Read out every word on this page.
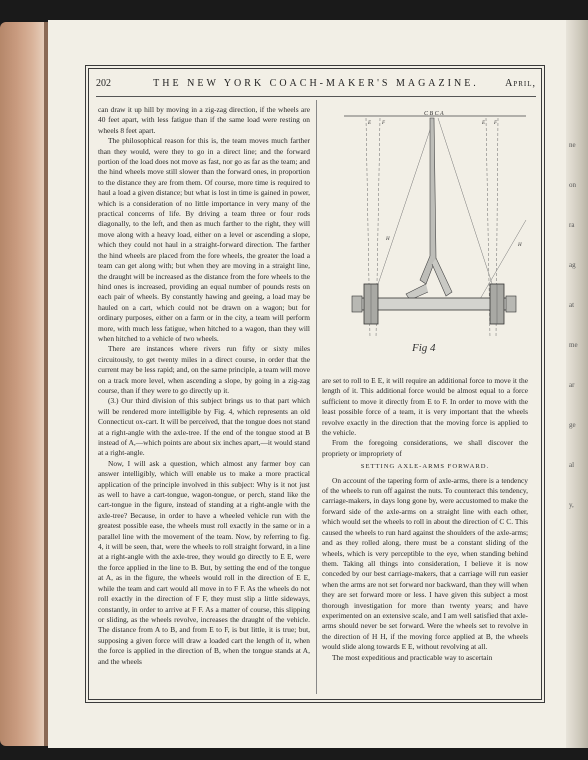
ne
on
ra
ag
at
me
ar
ge
al
y,
202	THE NEW YORK COACH-MAKER'S MAGAZINE.	April,

can draw it up hill by moving in a zig-zag direction, if the wheels are 40 feet apart, with less fatigue than if the same load were resting on wheels 8 feet apart.

The philosophical reason for this is, the team moves much farther than they would, were they to go in a direct line; and the forward portion of the load does not move as fast, nor go as far as the team; and the hind wheels move still slower than the forward ones, in proportion to the distance they are from them. Of course, more time is required to haul a load a given distance; but what is lost in time is gained in power, which is a consideration of no little importance in very many of the practical concerns of life. By driving a team three or four rods diagonally, to the left, and then as much farther to the right, they will move along with a heavy load, either on a level or ascending a slope, which they could not haul in a straight-forward direction. The farther the hind wheels are placed from the fore wheels, the greater the load a team can get along with; but when they are moving in a straight line, the draught will be increased as the distance from the fore wheels to the hind ones is increased, providing an equal number of pounds rests on each pair of wheels. By constantly hawing and geeing, a load may be hauled on a cart, which could not be drawn on a wagon; but for ordinary purposes, either on a farm or in the city, a team will perform more, with much less fatigue, when hitched to a wagon, than they will when hitched to a vehicle of two wheels.

There are instances where rivers run fifty or sixty miles circuitously, to get twenty miles in a direct course, in order that the current may be less rapid; and, on the same principle, a team will move on a track more level, when ascending a slope, by going in a zig-zag course, than if they were to go directly up it.

(3.) Our third division of this subject brings us to that part which will be rendered more intelligible by Fig. 4, which represents an old Connecticut ox-cart. It will be perceived, that the tongue does not stand at a right-angle with the axle-tree. If the end of the tongue stood at B instead of A,—which points are about six inches apart,—it would stand at a right-angle.

Now, I will ask a question, which almost any farmer boy can answer intelligibly, which will enable us to make a more practical application of the principle involved in this subject: Why is it not just as well to have a cart-tongue, wagon-tongue, or perch, stand like the cart-tongue in the figure, instead of standing at a right-angle with the axle-tree? Because, in order to have a wheeled vehicle run with the greatest possible ease, the wheels must roll exactly in the same or in a parallel line with the movement of the team. Now, by referring to fig. 4, it will be seen, that, were the wheels to roll straight forward, in a line at a right-angle with the axle-tree, they would go directly to E E, were the force applied in the line to B. But, by setting the end of the tongue at A, as in the figure, the wheels would roll in the direction of E E, while the team and cart would all move in to F F. As the wheels do not roll exactly in the direction of F F, they must slip a little sideways, constantly, in order to arrive at F F. As a matter of course, this slipping or sliding, as the wheels revolve, increases the draught of the vehicle. The distance from A to B, and from E to F, is but little, it is true; but, supposing a given force will draw a loaded cart the length of it, when the force is applied in the direction of B, when the tongue stands at A, and the wheels

C B C A
E F	E F
H
H
Fig 4

are set to roll to E E, it will require an additional force to move it the length of it. This additional force would be almost equal to a force sufficient to move it directly from E to F. In order to move with the least possible force of a team, it is very important that the wheels revolve exactly in the direction that the moving force is applied to the vehicle.

From the foregoing considerations, we shall discover the propriety or impropriety of

SETTING AXLE-ARMS FORWARD.

On account of the tapering form of axle-arms, there is a tendency of the wheels to run off against the nuts. To counteract this tendency, carriage-makers, in days long gone by, were accustomed to make the forward side of the axle-arms on a straight line with each other, which would set the wheels to roll in about the direction of C C. This caused the wheels to run hard against the shoulders of the axle-arms; and as they rolled along, there must be a constant sliding of the wheels, which is very perceptible to the eye, when standing behind them. Taking all things into consideration, I believe it is now conceded by our best carriage-makers, that a carriage will run easier when the arms are not set forward nor backward, than they will when they are set forward more or less. I have given this subject a most thorough investigation for more than twenty years; and have experimented on an extensive scale, and I am well satisfied that axle-arms should never be set forward. Were the wheels set to revolve in the direction of H H, if the moving force applied at B, the wheels would slide along towards E E, without revolving at all.

The most expeditious and practicable way to ascertain
